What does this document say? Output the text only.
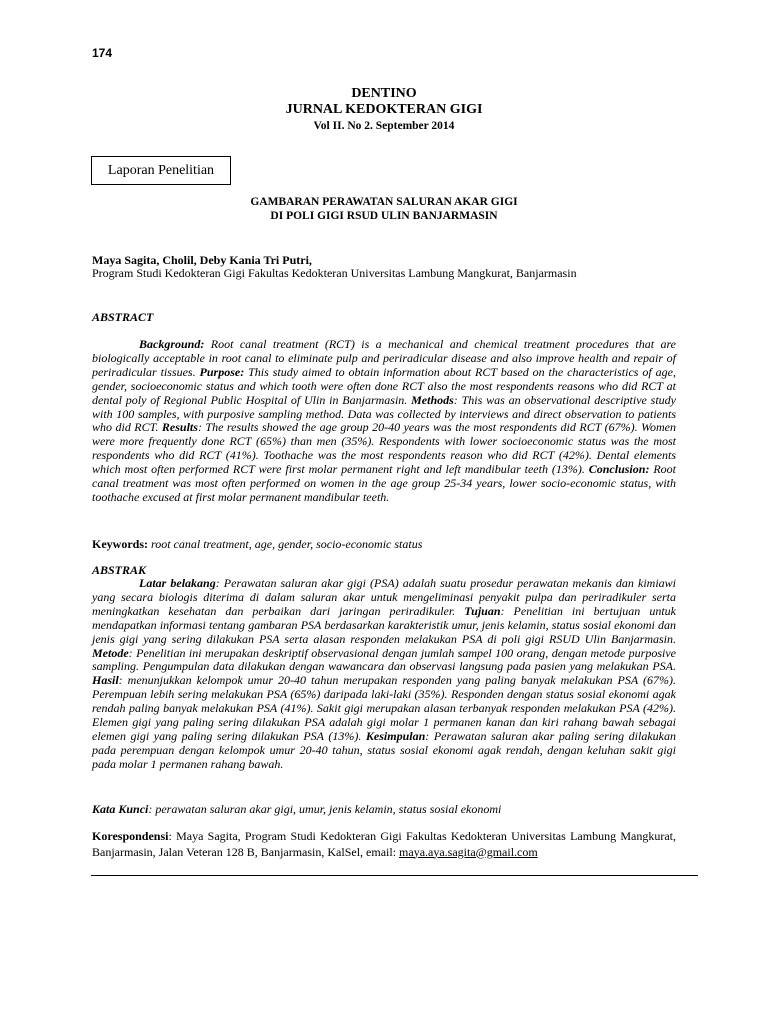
174
DENTINO
JURNAL KEDOKTERAN GIGI
Vol II. No 2. September 2014
Laporan Penelitian
GAMBARAN PERAWATAN SALURAN AKAR GIGI
DI POLI GIGI RSUD ULIN BANJARMASIN
Maya Sagita, Cholil, Deby Kania Tri Putri,
Program Studi Kedokteran Gigi Fakultas Kedokteran Universitas Lambung Mangkurat, Banjarmasin
ABSTRACT
Background: Root canal treatment (RCT) is a mechanical and chemical treatment procedures that are biologically acceptable in root canal to eliminate pulp and periradicular disease and also improve health and repair of periradicular tissues. Purpose: This study aimed to obtain information about RCT based on the characteristics of age, gender, socioeconomic status and which tooth were often done RCT also the most respondents reasons who did RCT at dental poly of Regional Public Hospital of Ulin in Banjarmasin. Methods: This was an observational descriptive study with 100 samples, with purposive sampling method. Data was collected by interviews and direct observation to patients who did RCT. Results: The results showed the age group 20-40 years was the most respondents did RCT (67%). Women were more frequently done RCT (65%) than men (35%). Respondents with lower socioeconomic status was the most respondents who did RCT (41%). Toothache was the most respondents reason who did RCT (42%). Dental elements which most often performed RCT were first molar permanent right and left mandibular teeth (13%). Conclusion: Root canal treatment was most often performed on women in the age group 25-34 years, lower socio-economic status, with toothache excused at first molar permanent mandibular teeth.
Keywords: root canal treatment, age, gender, socio-economic status
ABSTRAK
Latar belakang: Perawatan saluran akar gigi (PSA) adalah suatu prosedur perawatan mekanis dan kimiawi yang secara biologis diterima di dalam saluran akar untuk mengeliminasi penyakit pulpa dan periradikuler serta meningkatkan kesehatan dan perbaikan dari jaringan periradikuler. Tujuan: Penelitian ini bertujuan untuk mendapatkan informasi tentang gambaran PSA berdasarkan karakteristik umur, jenis kelamin, status sosial ekonomi dan jenis gigi yang sering dilakukan PSA serta alasan responden melakukan PSA di poli gigi RSUD Ulin Banjarmasin. Metode: Penelitian ini merupakan deskriptif observasional dengan jumlah sampel 100 orang, dengan metode purposive sampling. Pengumpulan data dilakukan dengan wawancara dan observasi langsung pada pasien yang melakukan PSA. Hasil: menunjukkan kelompok umur 20-40 tahun merupakan responden yang paling banyak melakukan PSA (67%). Perempuan lebih sering melakukan PSA (65%) daripada laki-laki (35%). Responden dengan status sosial ekonomi agak rendah paling banyak melakukan PSA (41%). Sakit gigi merupakan alasan terbanyak responden melakukan PSA (42%). Elemen gigi yang paling sering dilakukan PSA adalah gigi molar 1 permanen kanan dan kiri rahang bawah sebagai elemen gigi yang paling sering dilakukan PSA (13%). Kesimpulan: Perawatan saluran akar paling sering dilakukan pada perempuan dengan kelompok umur 20-40 tahun, status sosial ekonomi agak rendah, dengan keluhan sakit gigi pada molar 1 permanen rahang bawah.
Kata Kunci: perawatan saluran akar gigi, umur, jenis kelamin, status sosial ekonomi
Korespondensi: Maya Sagita, Program Studi Kedokteran Gigi Fakultas Kedokteran Universitas Lambung Mangkurat, Banjarmasin, Jalan Veteran 128 B, Banjarmasin, KalSel, email: maya.aya.sagita@gmail.com
